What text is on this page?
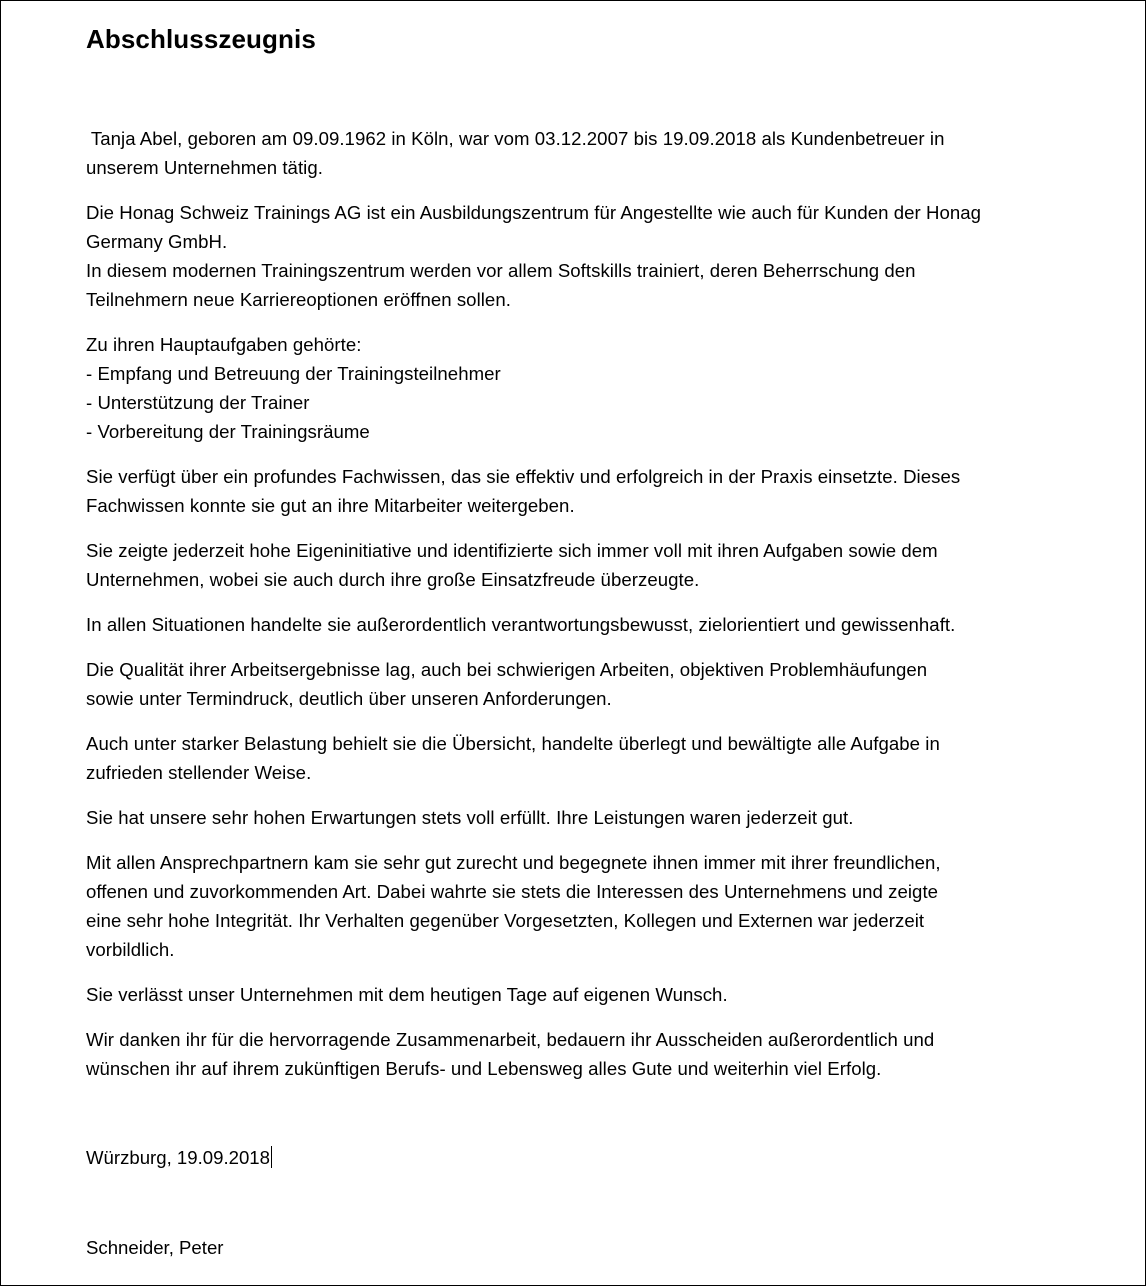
Abschlusszeugnis

Tanja Abel, geboren am 09.09.1962 in Köln, war vom 03.12.2007 bis 19.09.2018 als Kundenbetreuer in
unserem Unternehmen tätig.

Die Honag Schweiz Trainings AG ist ein Ausbildungszentrum für Angestellte wie auch für Kunden der Honag
Germany GmbH.
In diesem modernen Trainingszentrum werden vor allem Softskills trainiert, deren Beherrschung den
Teilnehmern neue Karriereoptionen eröffnen sollen.

Zu ihren Hauptaufgaben gehörte:
- Empfang und Betreuung der Trainingsteilnehmer
- Unterstützung der Trainer
- Vorbereitung der Trainingsräume

Sie verfügt über ein profundes Fachwissen, das sie effektiv und erfolgreich in der Praxis einsetzte. Dieses
Fachwissen konnte sie gut an ihre Mitarbeiter weitergeben.

Sie zeigte jederzeit hohe Eigeninitiative und identifizierte sich immer voll mit ihren Aufgaben sowie dem
Unternehmen, wobei sie auch durch ihre große Einsatzfreude überzeugte.

In allen Situationen handelte sie außerordentlich verantwortungsbewusst, zielorientiert und gewissenhaft.

Die Qualität ihrer Arbeitsergebnisse lag, auch bei schwierigen Arbeiten, objektiven Problemhäufungen
sowie unter Termindruck, deutlich über unseren Anforderungen.

Auch unter starker Belastung behielt sie die Übersicht, handelte überlegt und bewältigte alle Aufgabe in
zufrieden stellender Weise.

Sie hat unsere sehr hohen Erwartungen stets voll erfüllt. Ihre Leistungen waren jederzeit gut.

Mit allen Ansprechpartnern kam sie sehr gut zurecht und begegnete ihnen immer mit ihrer freundlichen,
offenen und zuvorkommenden Art. Dabei wahrte sie stets die Interessen des Unternehmens und zeigte
eine sehr hohe Integrität. Ihr Verhalten gegenüber Vorgesetzten, Kollegen und Externen war jederzeit
vorbildlich.

Sie verlässt unser Unternehmen mit dem heutigen Tage auf eigenen Wunsch.

Wir danken ihr für die hervorragende Zusammenarbeit, bedauern ihr Ausscheiden außerordentlich und
wünschen ihr auf ihrem zukünftigen Berufs- und Lebensweg alles Gute und weiterhin viel Erfolg.

Würzburg, 19.09.2018
Schneider, Peter
